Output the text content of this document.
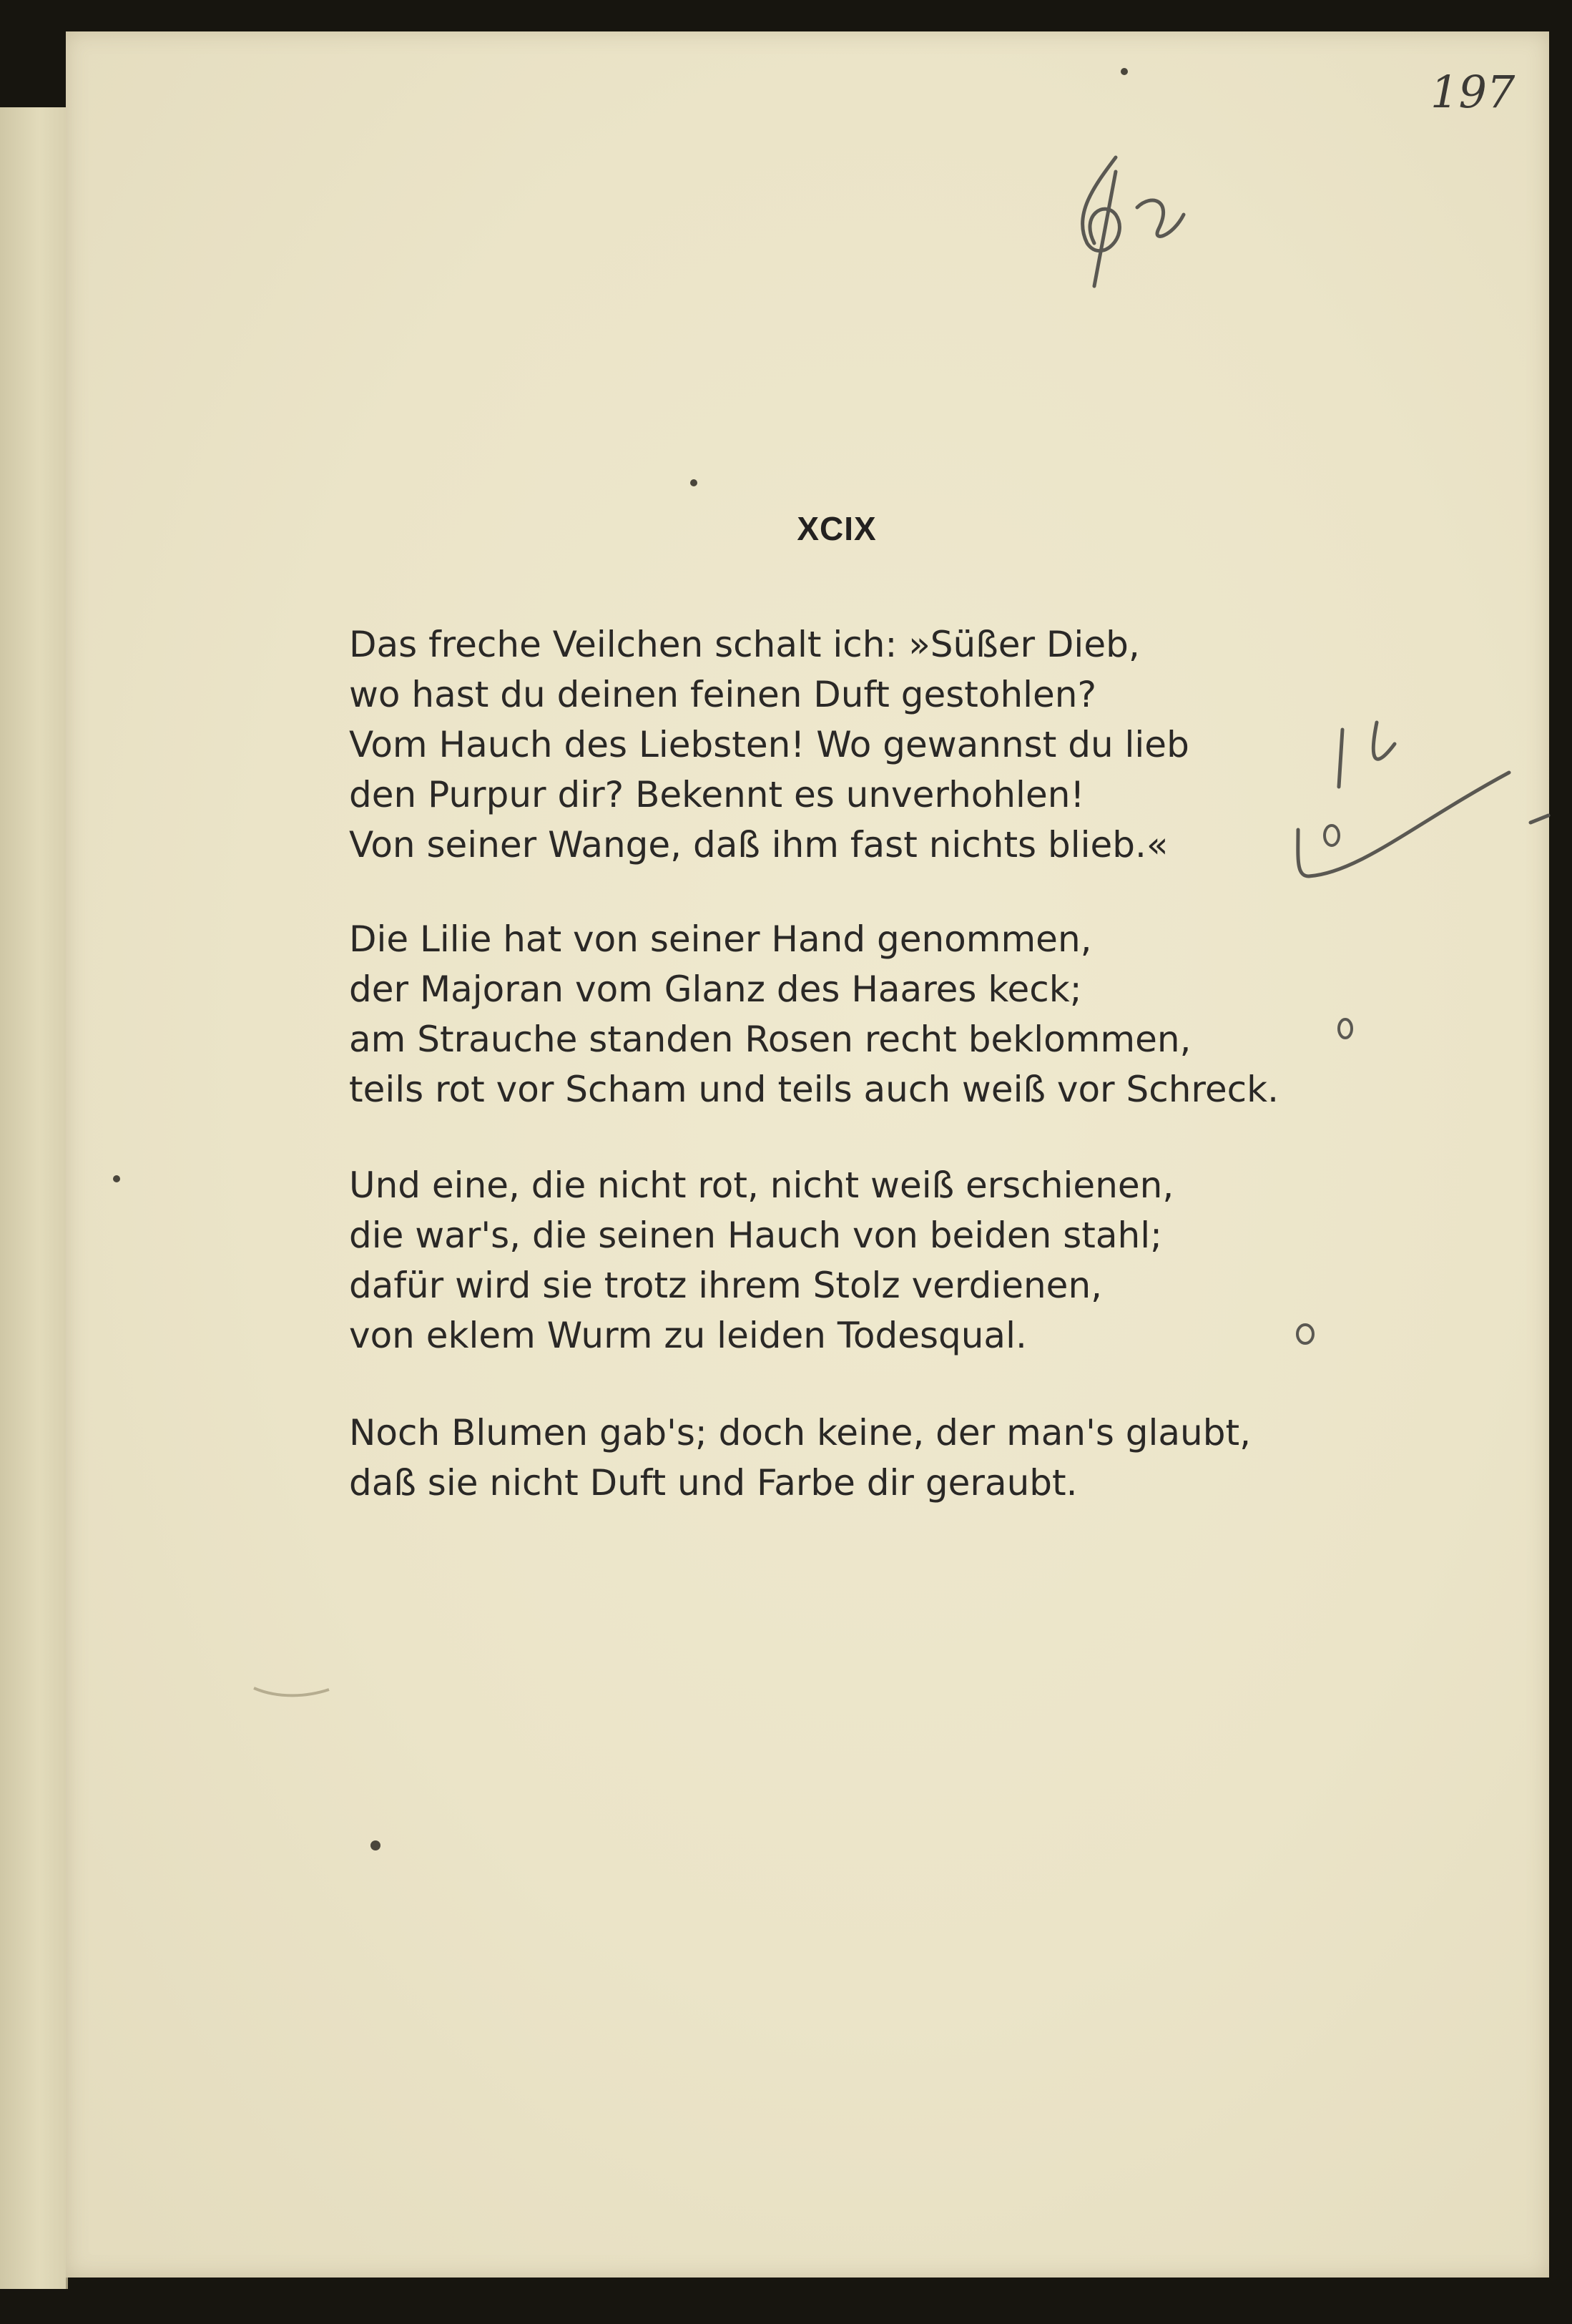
197
XCIX
Das freche Veilchen schalt ich: »Süßer Dieb,
wo hast du deinen feinen Duft gestohlen?
Vom Hauch des Liebsten! Wo gewannst du lieb
den Purpur dir? Bekennt es unverhohlen!
Von seiner Wange, daß ihm fast nichts blieb.«
Die Lilie hat von seiner Hand genommen,
der Majoran vom Glanz des Haares keck;
am Strauche standen Rosen recht beklommen,
teils rot vor Scham und teils auch weiß vor Schreck.
Und eine, die nicht rot, nicht weiß erschienen,
die war's, die seinen Hauch von beiden stahl;
dafür wird sie trotz ihrem Stolz verdienen,
von eklem Wurm zu leiden Todesqual.
Noch Blumen gab's; doch keine, der man's glaubt,
daß sie nicht Duft und Farbe dir geraubt.
